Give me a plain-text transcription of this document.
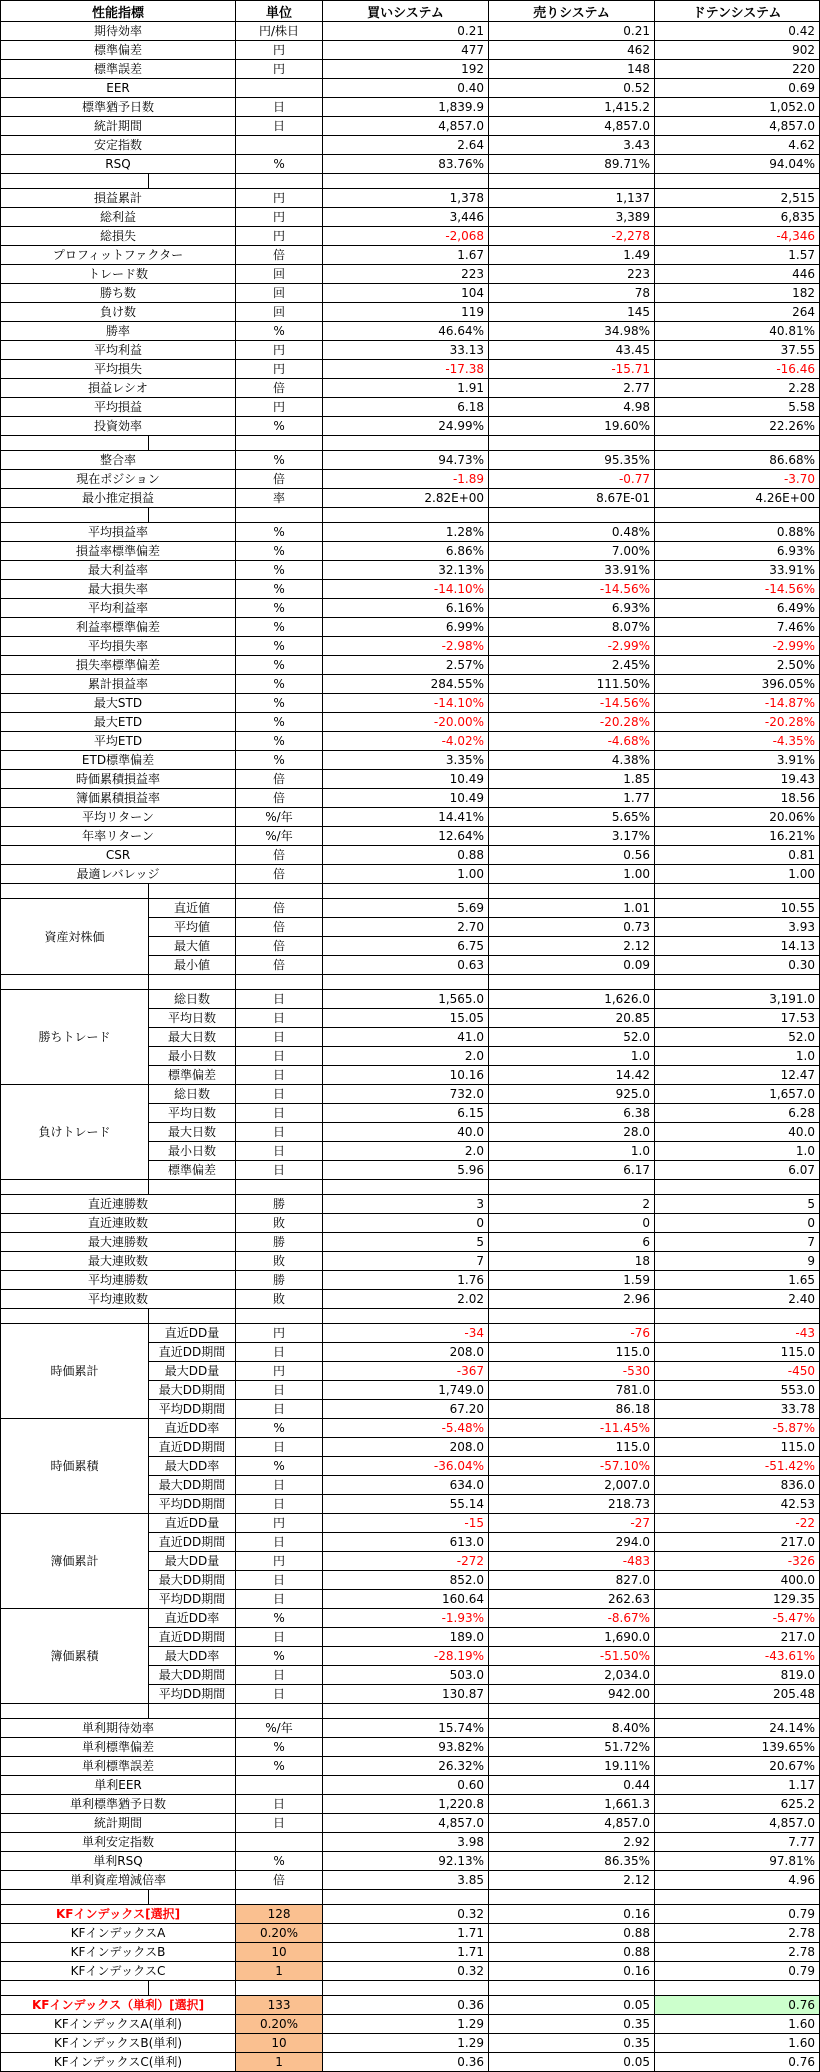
性能指標		単位	買いシステム	売りシステム	ドテンシステム
期待効率		円/株日	0.21	0.21	0.42
標準偏差		円	477	462	902
標準誤差		円	192	148	220
EER			0.40	0.52	0.69
標準猶予日数		日	1,839.9	1,415.2	1,052.0
統計期間		日	4,857.0	4,857.0	4,857.0
安定指数			2.64	3.43	4.62
RSQ		%	83.76%	89.71%	94.04%

損益累計		円	1,378	1,137	2,515
総利益		円	3,446	3,389	6,835
総損失		円	-2,068	-2,278	-4,346
プロフィットファクター		倍	1.67	1.49	1.57
トレード数		回	223	223	446
勝ち数		回	104	78	182
負け数		回	119	145	264
勝率		%	46.64%	34.98%	40.81%
平均利益		円	33.13	43.45	37.55
平均損失		円	-17.38	-15.71	-16.46
損益レシオ		倍	1.91	2.77	2.28
平均損益		円	6.18	4.98	5.58
投資効率		%	24.99%	19.60%	22.26%

整合率		%	94.73%	95.35%	86.68%
現在ポジション		倍	-1.89	-0.77	-3.70
最小推定損益		率	2.82E+00	8.67E-01	4.26E+00

平均損益率		%	1.28%	0.48%	0.88%
損益率標準偏差		%	6.86%	7.00%	6.93%
最大利益率		%	32.13%	33.91%	33.91%
最大損失率		%	-14.10%	-14.56%	-14.56%
平均利益率		%	6.16%	6.93%	6.49%
利益率標準偏差		%	6.99%	8.07%	7.46%
平均損失率		%	-2.98%	-2.99%	-2.99%
損失率標準偏差		%	2.57%	2.45%	2.50%
累計損益率		%	284.55%	111.50%	396.05%
最大STD		%	-14.10%	-14.56%	-14.87%
最大ETD		%	-20.00%	-20.28%	-20.28%
平均ETD		%	-4.02%	-4.68%	-4.35%
ETD標準偏差		%	3.35%	4.38%	3.91%
時価累積損益率		倍	10.49	1.85	19.43
簿価累積損益率		倍	10.49	1.77	18.56
平均リターン		%/年	14.41%	5.65%	20.06%
年率リターン		%/年	12.64%	3.17%	16.21%
CSR		倍	0.88	0.56	0.81
最適レバレッジ		倍	1.00	1.00	1.00

資産対株価	直近値	倍	5.69	1.01	10.55
	平均値	倍	2.70	0.73	3.93
	最大値	倍	6.75	2.12	14.13
	最小値	倍	0.63	0.09	0.30

勝ちトレード	総日数	日	1,565.0	1,626.0	3,191.0
	平均日数	日	15.05	20.85	17.53
	最大日数	日	41.0	52.0	52.0
	最小日数	日	2.0	1.0	1.0
	標準偏差	日	10.16	14.42	12.47
負けトレード	総日数	日	732.0	925.0	1,657.0
	平均日数	日	6.15	6.38	6.28
	最大日数	日	40.0	28.0	40.0
	最小日数	日	2.0	1.0	1.0
	標準偏差	日	5.96	6.17	6.07

直近連勝数		勝	3	2	5
直近連敗数		敗	0	0	0
最大連勝数		勝	5	6	7
最大連敗数		敗	7	18	9
平均連勝数		勝	1.76	1.59	1.65
平均連敗数		敗	2.02	2.96	2.40

時価累計	直近DD量	円	-34	-76	-43
	直近DD期間	日	208.0	115.0	115.0
	最大DD量	円	-367	-530	-450
	最大DD期間	日	1,749.0	781.0	553.0
	平均DD期間	日	67.20	86.18	33.78
時価累積	直近DD率	%	-5.48%	-11.45%	-5.87%
	直近DD期間	日	208.0	115.0	115.0
	最大DD率	%	-36.04%	-57.10%	-51.42%
	最大DD期間	日	634.0	2,007.0	836.0
	平均DD期間	日	55.14	218.73	42.53
簿価累計	直近DD量	円	-15	-27	-22
	直近DD期間	日	613.0	294.0	217.0
	最大DD量	円	-272	-483	-326
	最大DD期間	日	852.0	827.0	400.0
	平均DD期間	日	160.64	262.63	129.35
簿価累積	直近DD率	%	-1.93%	-8.67%	-5.47%
	直近DD期間	日	189.0	1,690.0	217.0
	最大DD率	%	-28.19%	-51.50%	-43.61%
	最大DD期間	日	503.0	2,034.0	819.0
	平均DD期間	日	130.87	942.00	205.48

単利期待効率		%/年	15.74%	8.40%	24.14%
単利標準偏差		%	93.82%	51.72%	139.65%
単利標準誤差		%	26.32%	19.11%	20.67%
単利EER			0.60	0.44	1.17
単利標準猶予日数		日	1,220.8	1,661.3	625.2
統計期間		日	4,857.0	4,857.0	4,857.0
単利安定指数			3.98	2.92	7.77
単利RSQ		%	92.13%	86.35%	97.81%
単利資産増減倍率		倍	3.85	2.12	4.96

KFインデックス[選択]		128	0.32	0.16	0.79
KFインデックスA		0.20%	1.71	0.88	2.78
KFインデックスB		10	1.71	0.88	2.78
KFインデックスC		1	0.32	0.16	0.79

KFインデックス（単利）[選択]		133	0.36	0.05	0.76
KFインデックスA(単利)		0.20%	1.29	0.35	1.60
KFインデックスB(単利)		10	1.29	0.35	1.60
KFインデックスC(単利)		1	0.36	0.05	0.76
